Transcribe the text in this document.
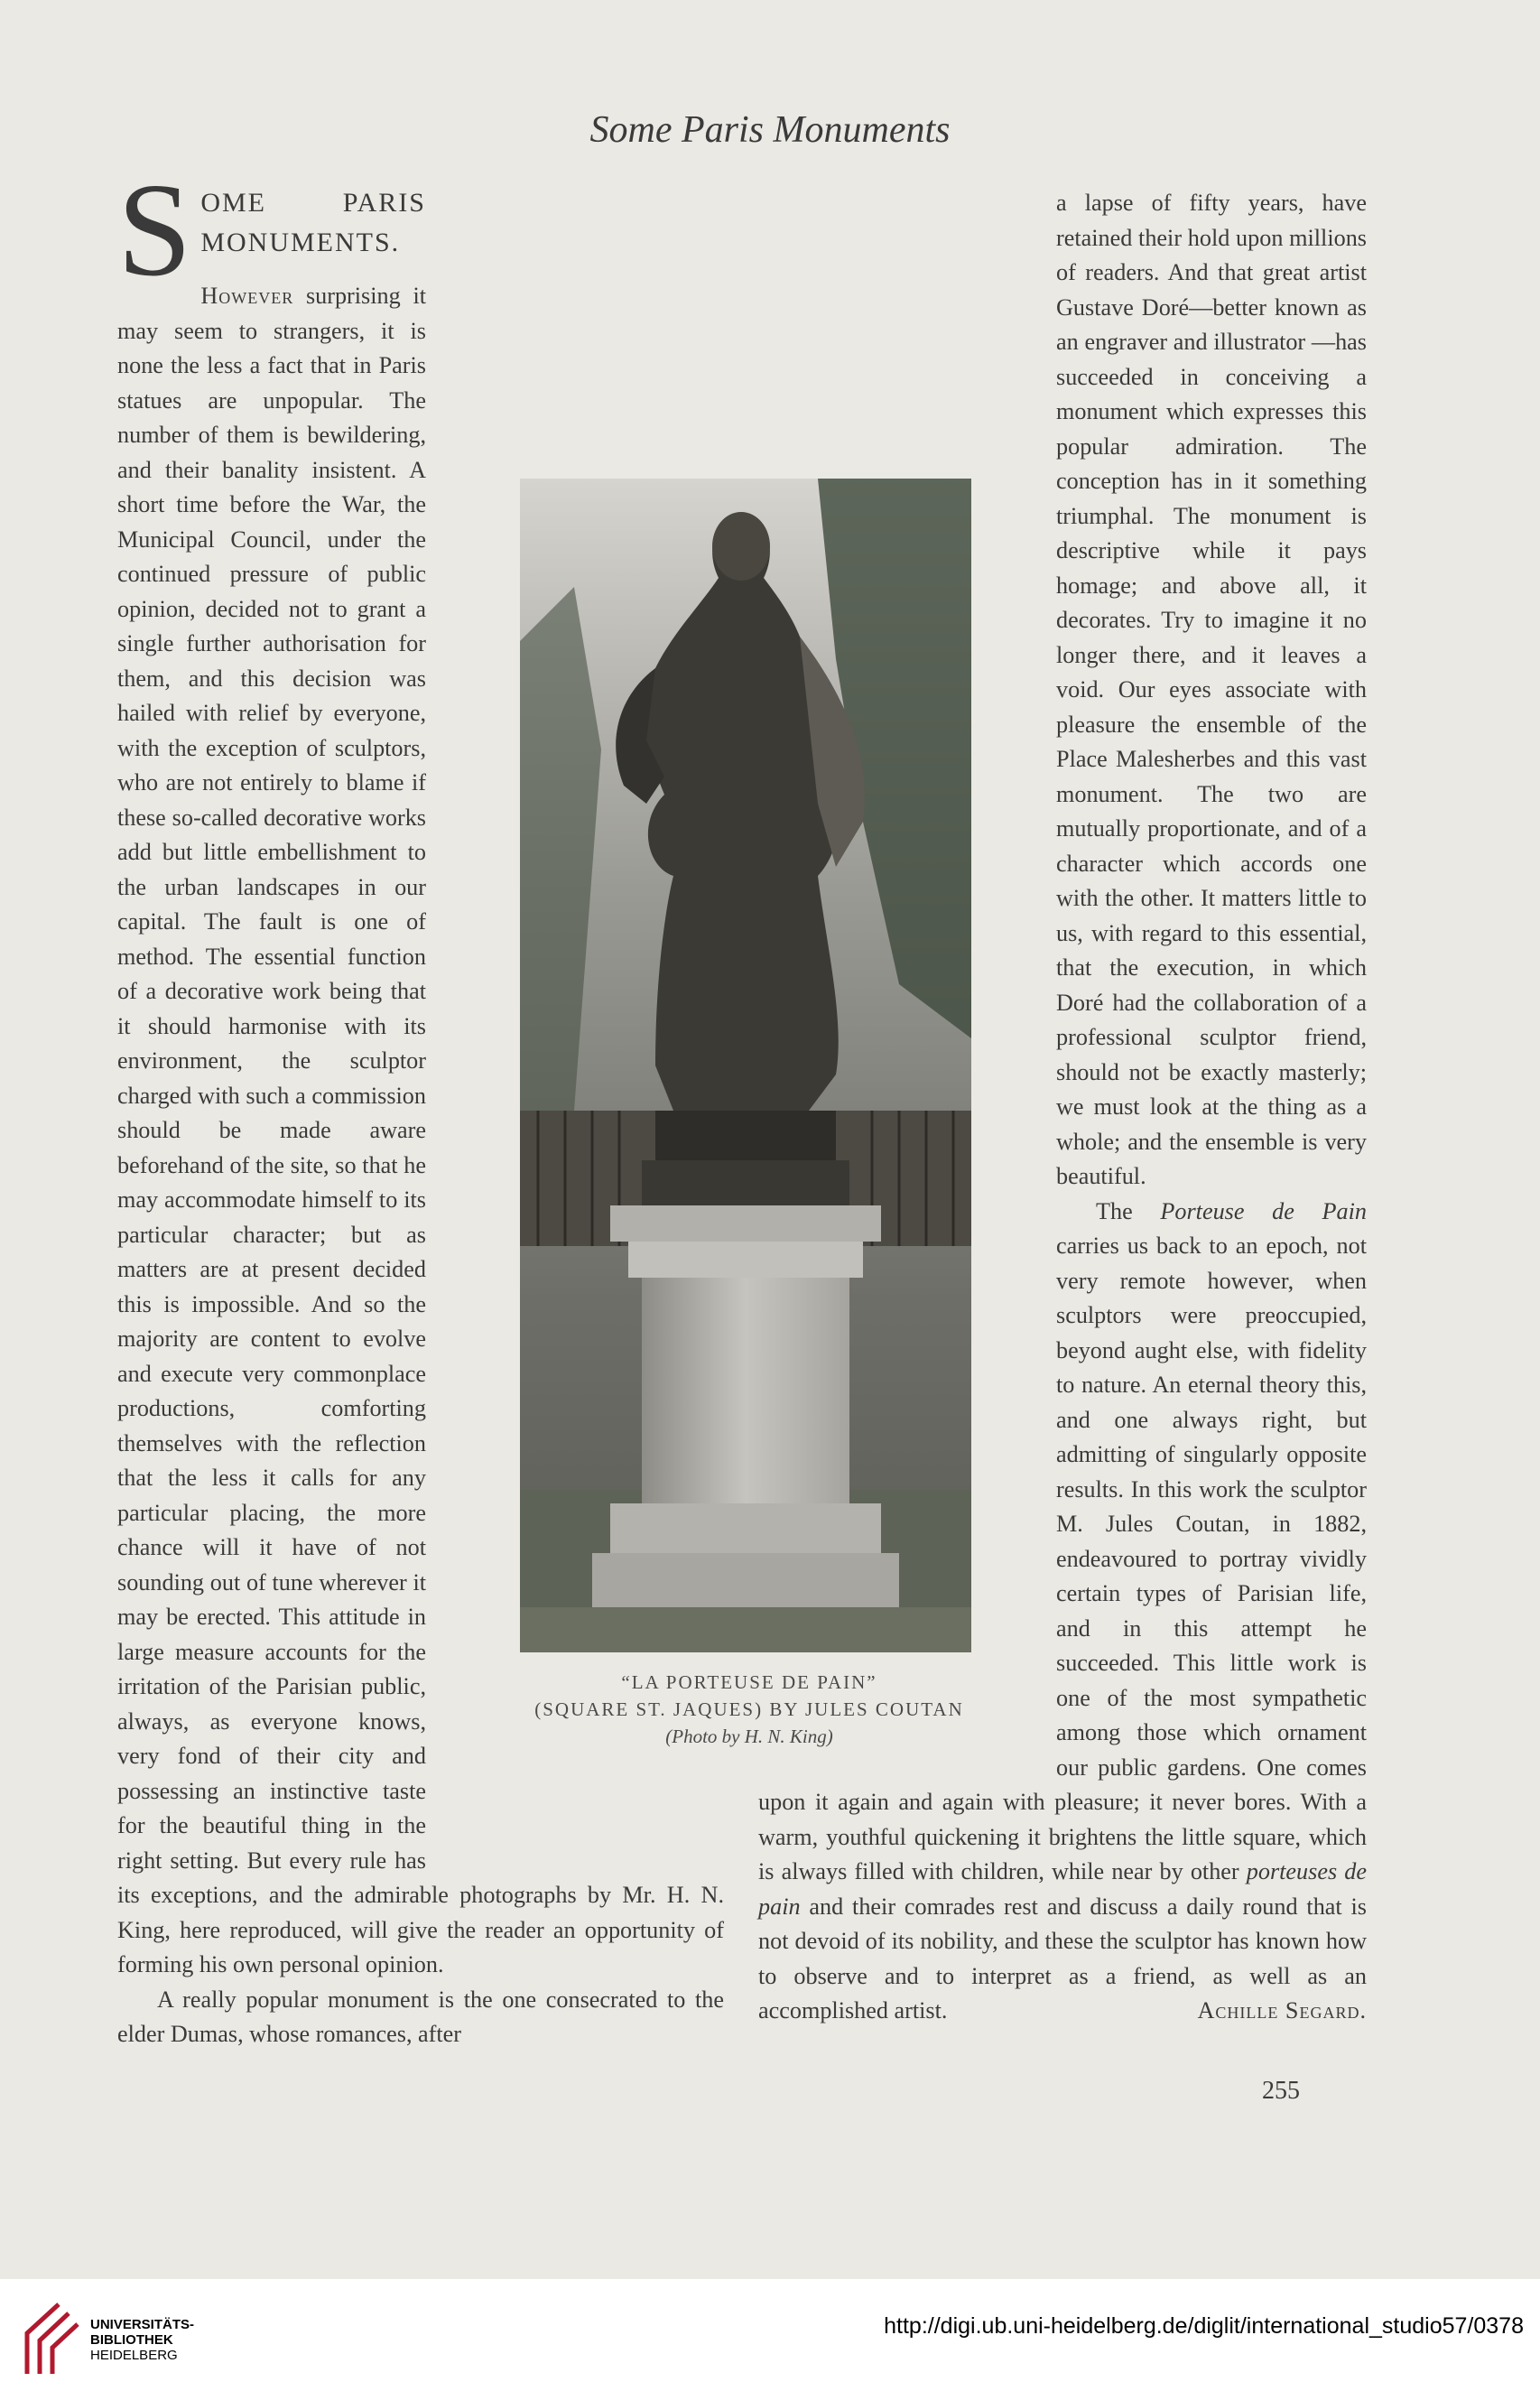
Some Paris Monuments

S OME PARIS MONUMENTS.
However surprising it may seem to strangers, it is none the less a fact that in Paris statues are unpopular. The number of them is bewildering, and their banality insistent. A short time before the War, the Municipal Council, under the continued pressure of public opinion, decided not to grant a single further authorisation for them, and this decision was hailed with relief by everyone, with the exception of sculptors, who are not entirely to blame if these so-called decorative works add but little embellishment to the urban landscapes in our capital. The fault is one of method. The essential function of a decorative work being that it should harmonise with its environment, the sculptor charged with such a commission should be made aware beforehand of the site, so that he may accommodate himself to its particular character; but as matters are at present decided this is impossible. And so the majority are content to evolve and execute very commonplace productions, comforting themselves with the reflection that the less it calls for any particular placing, the more chance will it have of not sounding out of tune wherever it may be erected. This attitude in large measure accounts for the irritation of the Parisian public, always, as everyone knows, very fond of their city and possessing an instinctive taste for the beautiful thing in the right setting. But every rule has its exceptions, and the admirable photographs by Mr. H. N. King, here reproduced, will give the reader an opportunity of forming his own personal opinion.
A really popular monument is the one consecrated to the elder Dumas, whose romances, after

a lapse of fifty years, have retained their hold upon millions of readers. And that great artist Gustave Doré—better known as an engraver and illustrator —has succeeded in conceiving a monument which expresses this popular admiration. The conception has in it something triumphal. The monument is descriptive while it pays homage; and above all, it decorates. Try to imagine it no longer there, and it leaves a void. Our eyes associate with pleasure the ensemble of the Place Malesherbes and this vast monument. The two are mutually proportionate, and of a character which accords one with the other. It matters little to us, with regard to this essential, that the execution, in which Doré had the collaboration of a professional sculptor friend, should not be exactly masterly; we must look at the thing as a whole; and the ensemble is very beautiful.
The Porteuse de Pain carries us back to an epoch, not very remote however, when sculptors were preoccupied, beyond aught else, with fidelity to nature. An eternal theory this, and one always right, but admitting of singularly opposite results. In this work the sculptor M. Jules Coutan, in 1882, endeavoured to portray vividly certain types of Parisian life, and in this attempt he succeeded. This little work is one of the most sympathetic among those which ornament our public gardens. One comes upon it again and again with pleasure; it never bores. With a warm, youthful quickening it brightens the little square, which is always filled with children, while near by other porteuses de pain and their comrades rest and discuss a daily round that is not devoid of its nobility, and these the sculptor has known how to observe and to interpret as a friend, as well as an accomplished artist.	Achille Segard.

“LA PORTEUSE DE PAIN”
(SQUARE ST. JAQUES) BY JULES COUTAN
(Photo by H. N. King)
255
UNIVERSITÄTS-
BIBLIOTHEK
HEIDELBERG
http://digi.ub.uni-heidelberg.de/diglit/international_studio57/0378
